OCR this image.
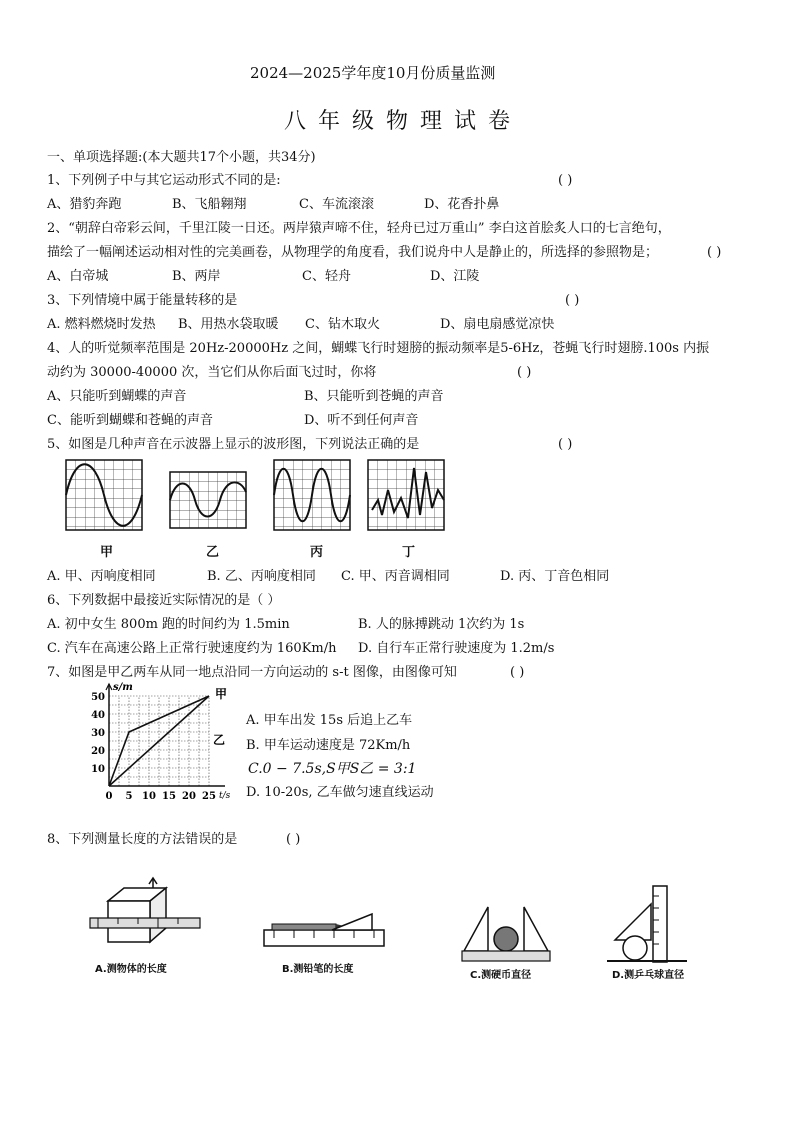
2024—2025学年度10月份质量监测
八年级物理试卷
一、单项选择题:(本大题共17个小题，共34分)
1、下列例子中与其它运动形式不同的是:	( )
A、猎豹奔跑	B、飞船翱翔	C、车流滚滚	D、花香扑鼻
2、“朝辞白帝彩云间，千里江陵一日还。两岸猿声啼不住，轻舟已过万重山” 李白这首脍炙人口的七言绝句，
描绘了一幅阐述运动相对性的完美画卷，从物理学的角度看，我们说舟中人是静止的，所选择的参照物是；	( )
A、白帝城	B、两岸	C、轻舟	D、江陵
3、下列情境中属于能量转移的是	( )
A. 燃料燃烧时发热 B、用热水袋取暖 C、钻木取火	D、扇电扇感觉凉快
4、人的听觉频率范围是 20Hz-20000Hz 之间，蝴蝶飞行时翅膀的振动频率是5-6Hz，苍蝇飞行时翅膀.100s 内振
动约为 30000-40000 次，当它们从你后面飞过时，你将	( )
A、只能听到蝴蝶的声音	B、只能听到苍蝇的声音
C、能听到蝴蝶和苍蝇的声音	D、听不到任何声音
5、如图是几种声音在示波器上显示的波形图，下列说法正确的是	( )
甲	乙	丙	丁
A. 甲、丙响度相同	B. 乙、丙响度相同 C. 甲、丙音调相同	D. 丙、丁音色相同
6、下列数据中最接近实际情况的是（ ）
A. 初中女生 800m 跑的时间约为 1.5min	B. 人的脉搏跳动 1次约为 1s
C. 汽车在高速公路上正常行驶速度约为 160Km/h D. 自行车正常行驶速度为 1.2m/s
7、如图是甲乙两车从同一地点沿同一方向运动的 s-t 图像，由图像可知	( )
s/m
t/s
0 5 10 15 20 25
10
20
30
40
50	甲
乙
A. 甲车出发 15s 后追上乙车
B. 甲车运动速度是 72Km/h
C.0 − 7.5s,S甲S乙 = 3:1
D. 10-20s, 乙车做匀速直线运动
8、下列测量长度的方法错误的是	( )
A.测物体的长度	B.测铅笔的长度
C.测硬币直径	D.测乒乓球直径
